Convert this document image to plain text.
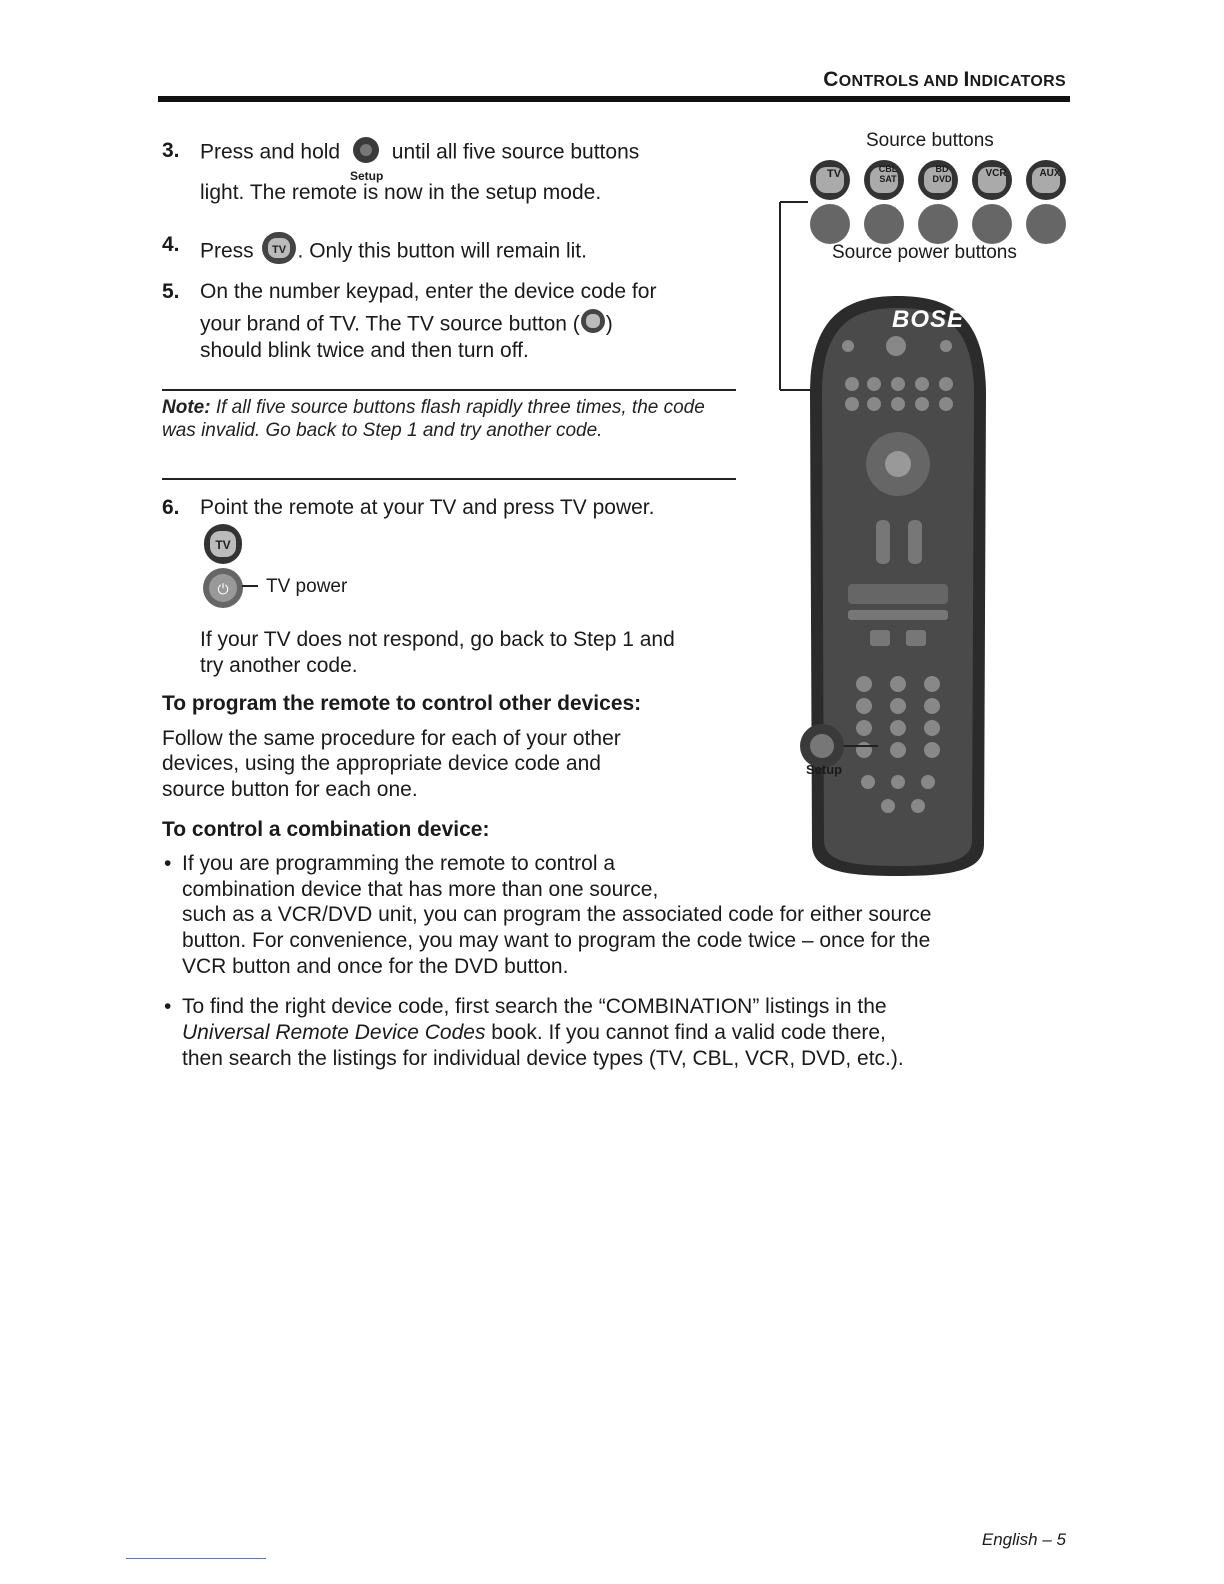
CONTROLS AND INDICATORS
3. Press and hold
Setup
until all five source buttons
light. The remote is now in the setup mode.
4. Press TV . Only this button will remain lit.
5. On the number keypad, enter the device code for
your brand of TV. The TV source button ( )
should blink twice and then turn off.
Note: If all five source buttons flash rapidly three times, the code was invalid. Go back to Step 1 and try another code.
6. Point the remote at your TV and press TV power.
TV
⏻ TV power
If your TV does not respond, go back to Step 1 and
try another code.
To program the remote to control other devices:
Follow the same procedure for each of your other
devices, using the appropriate device code and
source button for each one.
To control a combination device:
• If you are programming the remote to control a
combination device that has more than one source,
such as a VCR/DVD unit, you can program the associated code for either source
button. For convenience, you may want to program the code twice – once for the
VCR button and once for the DVD button.
• To find the right device code, first search the “COMBINATION” listings in the
Universal Remote Device Codes book. If you cannot find a valid code there,
then search the listings for individual device types (TV, CBL, VCR, DVD, etc.).
Source buttons
TV	CBL SAT
BD DVD	VCR	AUX
Source power buttons
BOSE
Setup
English – 5
